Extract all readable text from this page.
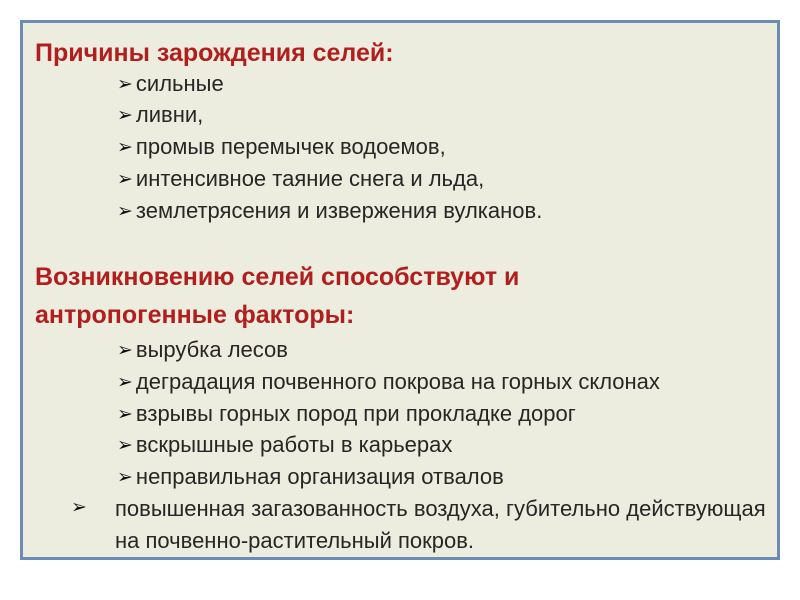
Причины зарождения селей:
➢ сильные
➢ ливни,
➢ промыв перемычек водоемов,
➢ интенсивное таяние снега и льда,
➢ землетрясения и извержения вулканов.
Возникновению селей способствуют и
антропогенные факторы:
➢ вырубка лесов
➢ деградация почвенного покрова на горных склонах
➢ взрывы горных пород при прокладке дорог
➢ вскрышные работы в карьерах
➢ неправильная организация отвалов
➢ повышенная загазованность воздуха, губительно действующая на почвенно-растительный покров.
